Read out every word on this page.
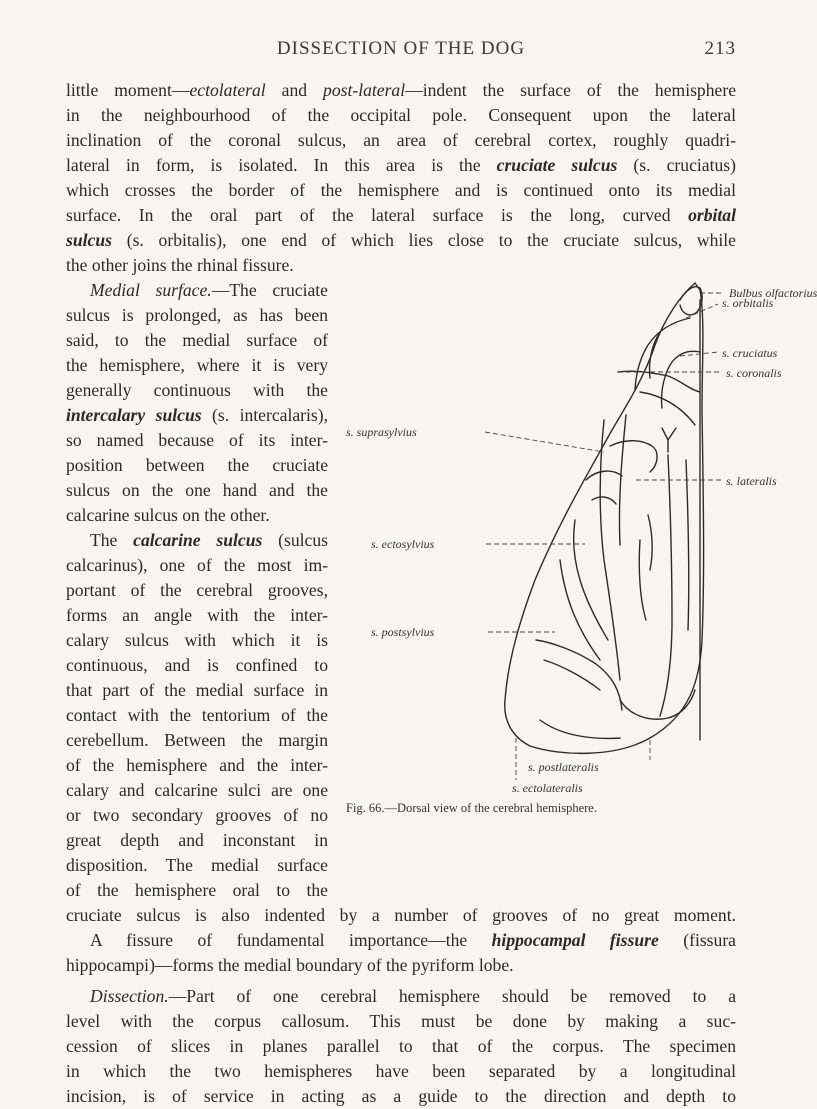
DISSECTION OF THE DOG	213
little moment—ectolateral and post-lateral—indent the surface of the hemisphere
in the neighbourhood of the occipital pole. Consequent upon the lateral
inclination of the coronal sulcus, an area of cerebral cortex, roughly quadri-
lateral in form, is isolated. In this area is the cruciate sulcus (s. cruciatus)
which crosses the border of the hemisphere and is continued onto its medial
surface. In the oral part of the lateral surface is the long, curved orbital
sulcus (s. orbitalis), one end of which lies close to the cruciate sulcus, while
the other joins the rhinal fissure.
Medial surface.—The cruciate
sulcus is prolonged, as has been
said, to the medial surface of
the hemisphere, where it is very
generally continuous with the
intercalary sulcus (s. intercalaris),
so named because of its inter-
position between the cruciate
sulcus on the one hand and the
calcarine sulcus on the other.
The calcarine sulcus (sulcus
calcarinus), one of the most im-
portant of the cerebral grooves,
forms an angle with the inter-
calary sulcus with which it is
continuous, and is confined to
that part of the medial surface in
contact with the tentorium of the
cerebellum. Between the margin
of the hemisphere and the inter-
calary and calcarine sulci are one
or two secondary grooves of no
great depth and inconstant in
disposition. The medial surface
of the hemisphere oral to the
cruciate sulcus is also indented by a number of grooves of no great moment.
A fissure of fundamental importance—the hippocampal fissure (fissura
hippocampi)—forms the medial boundary of the pyriform lobe.
Dissection.—Part of one cerebral hemisphere should be removed to a
level with the corpus callosum. This must be done by making a suc-
cession of slices in planes parallel to that of the corpus. The specimen
in which the two hemispheres have been separated by a longitudinal
incision, is of service in acting as a guide to the direction and depth to
Bulbus olfactorius
s. orbitalis
s. cruciatus
s. coronalis
s. suprasylvius
s. lateralis
s. ectosylvius
s. postsylvius
s. postlateralis
s. ectolateralis
Fig. 66.—Dorsal view of the cerebral hemisphere.
